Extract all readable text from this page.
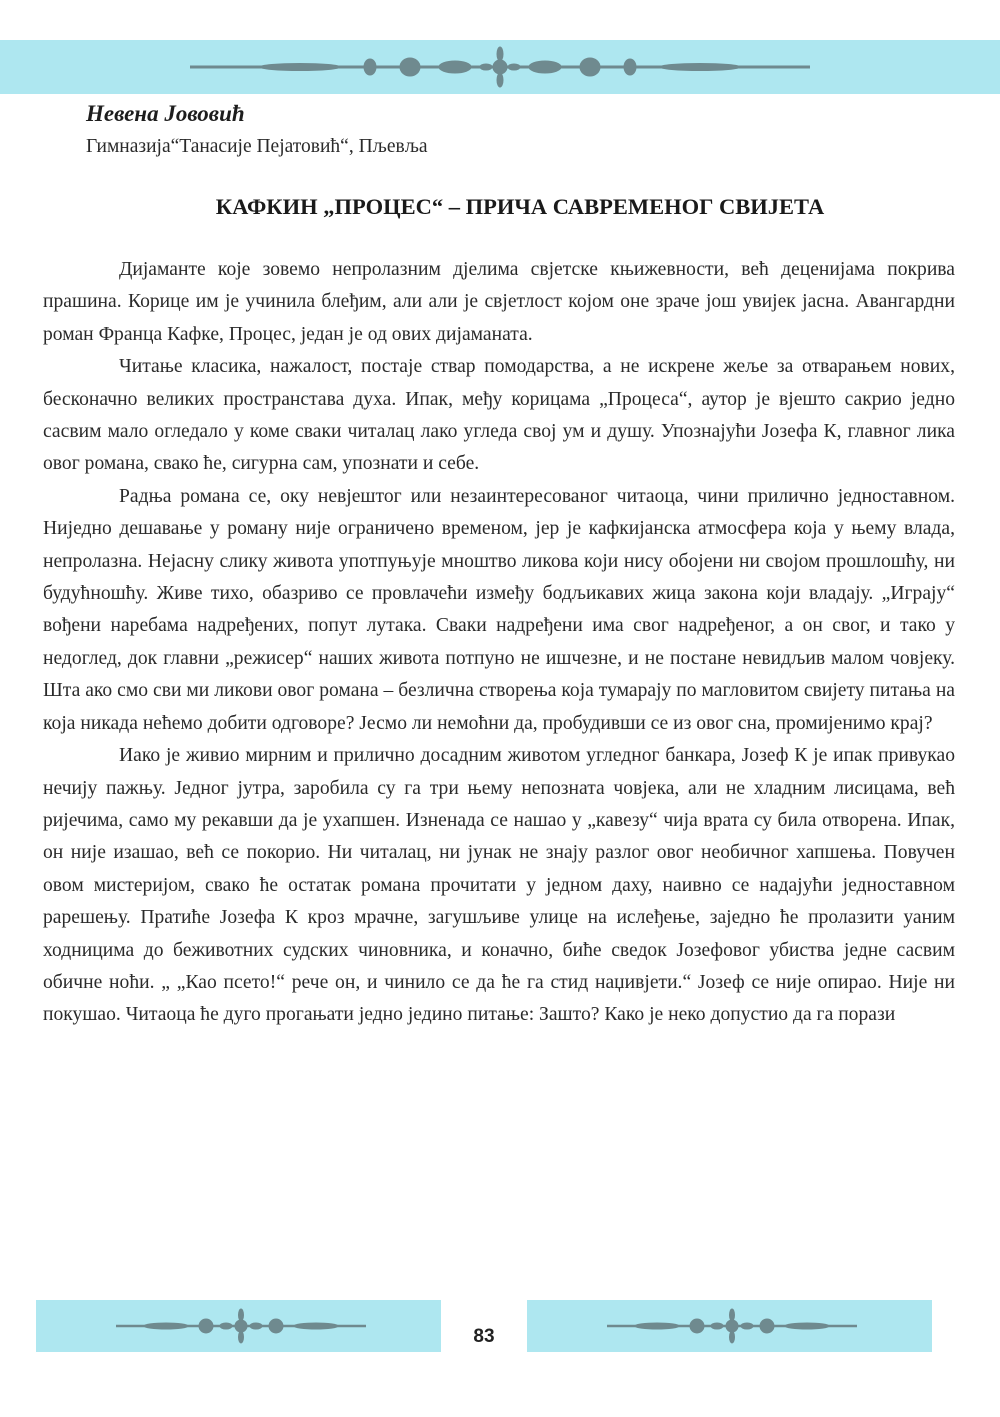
Невена Јововић
Гимназија“Танасије Пејатовић“, Пљевља
КАФКИН „ПРОЦЕС“ – ПРИЧА САВРЕМЕНОГ СВИЈЕТА

Дијаманте које зовемо непролазним дјелима свјетске књижевности, већ деценијама покрива прашина. Корице им је учинила блеђим, али али је свјетлост којом оне зраче још увијек јасна. Авангардни роман Франца Кафке, Процес, један је од ових дијаманата.

Читање класика, нажалост, постаје ствар помодарства, а не искрене жеље за отварањем нових, бесконачно великих пространстава духа. Ипак, међу корицама „Процеса“, аутор је вјешто сакрио једно сасвим мало огледало у коме сваки читалац лако угледа свој ум и душу. Упознајући Јозефа К, главног лика овог романа, свако ће, сигурна сам, упознати и себе.

Радња романа се, оку невјештог или незаинтересованог читаоца, чини прилично једноставном. Ниједно дешавање у роману није ограничено временом, јер је кафкијанска атмосфера која у њему влада, непролазна. Нејасну слику живота употпуњује мноштво ликова који нису обојени ни својом прошлошћу, ни будућношћу. Живе тихо, обазриво се провлачећи између бодљикавих жица закона који владају. „Играју“ вођени наребама надређених, попут лутака. Сваки надређени има свог надређеног, а он свог, и тако у недоглед, док главни „режисер“ наших живота потпуно не ишчезне, и не постане невидљив малом човјеку. Шта ако смо сви ми ликови овог романа – безлична створења која тумарају по магловитом свијету питања на која никада нећемо добити одговоре? Јесмо ли немоћни да, пробудивши се из овог сна, промијенимо крај?

Иако је живио мирним и прилично досадним животом угледног банкара, Јозеф К је ипак привукао нечију пажњу. Једног јутра, заробила су га три њему непозната човјека, али не хладним лисицама, већ ријечима, само му рекавши да је ухапшен. Изненада се нашао у „кавезу“ чија врата су била отворена. Ипак, он није изашао, већ се покорио. Ни читалац, ни јунак не знају разлог овог необичног хапшења. Повучен овом мистеријом, свако ће остатак романа прочитати у једном даху, наивно се надајући једноставном рарешењу. Пратиће Јозефа К кроз мрачне, загушљиве улице на ислеђење, заједно ће пролазити уаним ходницима до беживотних судских чиновника, и коначно, биће сведок Јозефовог убиства једне сасвим обичне ноћи. „ „Као псето!“ рече он, и чинило се да ће га стид наџивјети.“ Јозеф се није опирао. Није ни покушао. Читаоца ће дуго прогањати једно једино питање: Зашто? Како је неко допустио да га порази

83
